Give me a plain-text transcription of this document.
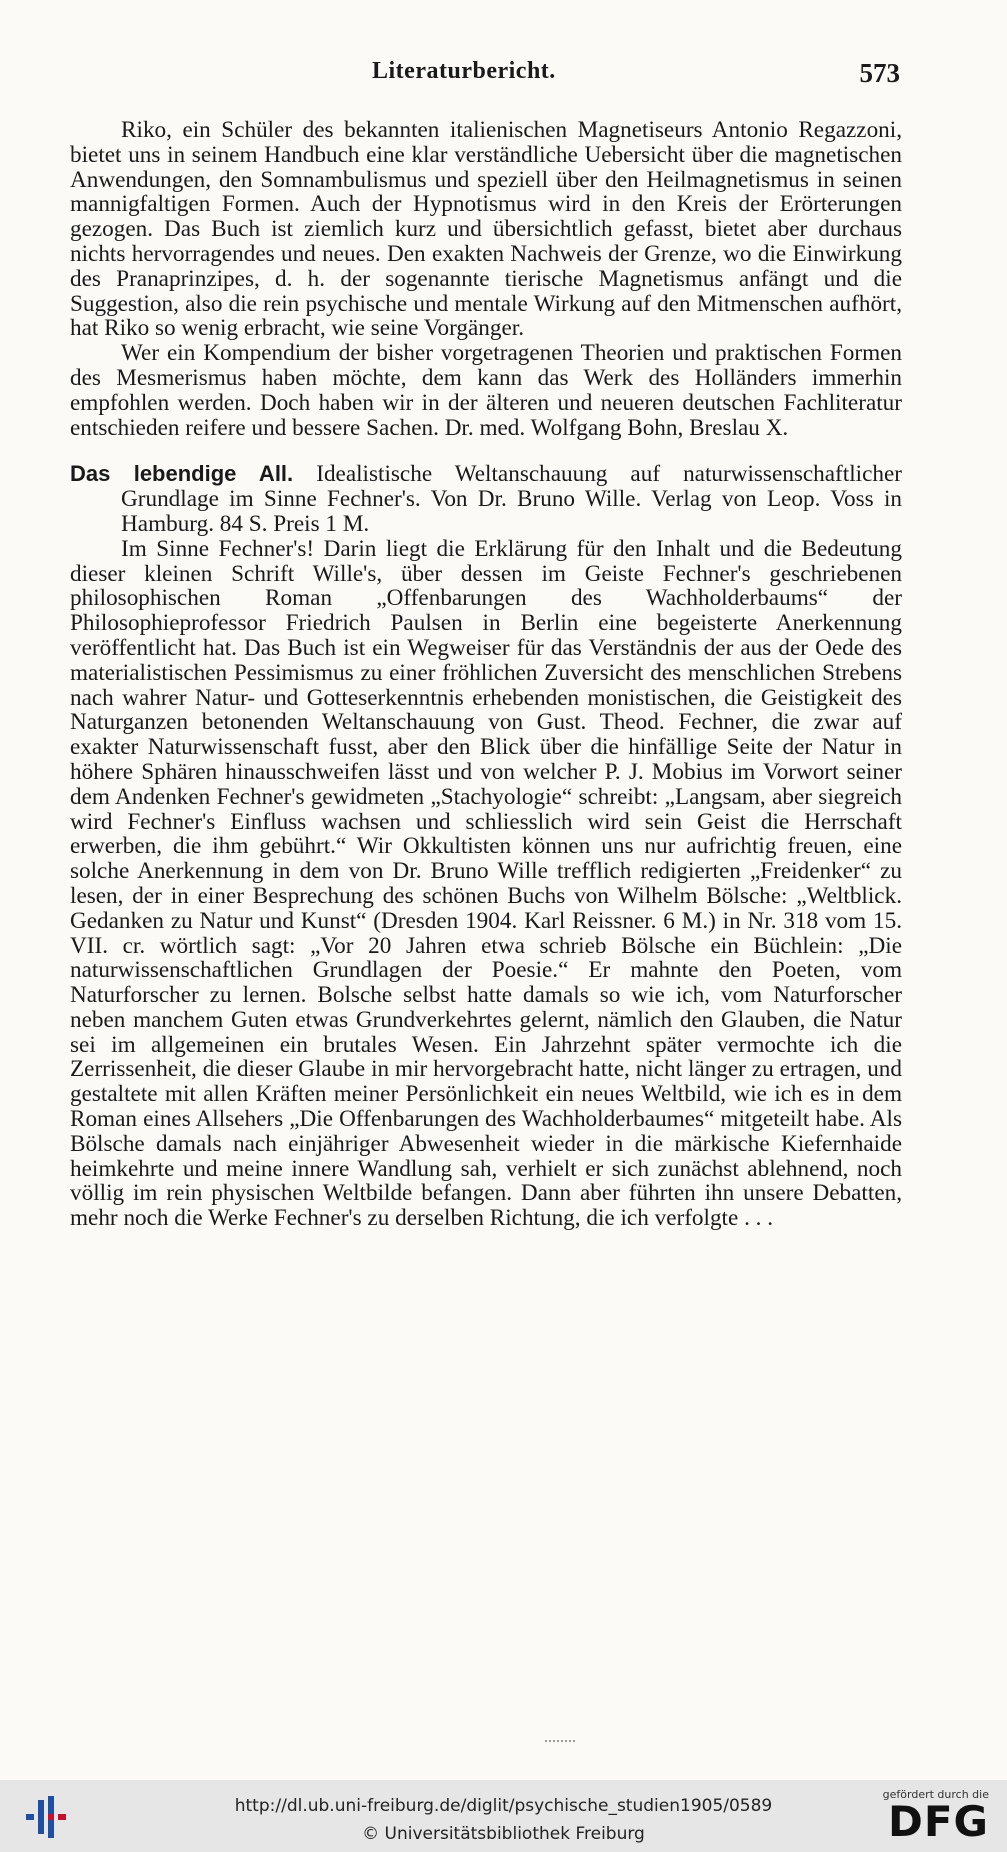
Literaturbericht.	573

Riko, ein Schüler des bekannten italienischen Magnetiseurs Antonio Regazzoni, bietet uns in seinem Handbuch eine klar verständliche Uebersicht über die magnetischen Anwendungen, den Somnambulismus und speziell über den Heilmagnetismus in seinen mannigfaltigen Formen. Auch der Hypnotismus wird in den Kreis der Erörterungen gezogen. Das Buch ist ziemlich kurz und übersichtlich gefasst, bietet aber durchaus nichts hervorragendes und neues. Den exakten Nachweis der Grenze, wo die Einwirkung des Pranaprinzipes, d. h. der sogenannte tierische Magnetismus anfängt und die Suggestion, also die rein psychische und mentale Wirkung auf den Mitmenschen aufhört, hat Riko so wenig erbracht, wie seine Vorgänger.

Wer ein Kompendium der bisher vorgetragenen Theorien und praktischen Formen des Mesmerismus haben möchte, dem kann das Werk des Holländers immerhin empfohlen werden. Doch haben wir in der älteren und neueren deutschen Fachliteratur entschieden reifere und bessere Sachen. Dr. med. Wolfgang Bohn, Breslau X.

Das lebendige All. Idealistische Weltanschauung auf naturwissenschaftlicher Grundlage im Sinne Fechner's. Von Dr. Bruno Wille. Verlag von Leop. Voss in Hamburg. 84 S. Preis 1 M.

Im Sinne Fechner's! Darin liegt die Erklärung für den Inhalt und die Bedeutung dieser kleinen Schrift Wille's, über dessen im Geiste Fechner's geschriebenen philosophischen Roman „Offenbarungen des Wachholderbaums“ der Philosophieprofessor Friedrich Paulsen in Berlin eine begeisterte Anerkennung veröffentlicht hat. Das Buch ist ein Wegweiser für das Verständnis der aus der Oede des materialistischen Pessimismus zu einer fröhlichen Zuversicht des menschlichen Strebens nach wahrer Natur- und Gotteserkenntnis erhebenden monistischen, die Geistigkeit des Naturganzen betonenden Weltanschauung von Gust. Theod. Fechner, die zwar auf exakter Naturwissenschaft fusst, aber den Blick über die hinfällige Seite der Natur in höhere Sphären hinausschweifen lässt und von welcher P. J. Mobius im Vorwort seiner dem Andenken Fechner's gewidmeten „Stachyologie“ schreibt: „Langsam, aber siegreich wird Fechner's Einfluss wachsen und schliesslich wird sein Geist die Herrschaft erwerben, die ihm gebührt.“ Wir Okkultisten können uns nur aufrichtig freuen, eine solche Anerkennung in dem von Dr. Bruno Wille trefflich redigierten „Freidenker“ zu lesen, der in einer Besprechung des schönen Buchs von Wilhelm Bölsche: „Weltblick. Gedanken zu Natur und Kunst“ (Dresden 1904. Karl Reissner. 6 M.) in Nr. 318 vom 15. VII. cr. wörtlich sagt: „Vor 20 Jahren etwa schrieb Bölsche ein Büchlein: „Die naturwissenschaftlichen Grundlagen der Poesie.“ Er mahnte den Poeten, vom Naturforscher zu lernen. Bolsche selbst hatte damals so wie ich, vom Naturforscher neben manchem Guten etwas Grundverkehrtes gelernt, nämlich den Glauben, die Natur sei im allgemeinen ein brutales Wesen. Ein Jahrzehnt später vermochte ich die Zerrissenheit, die dieser Glaube in mir hervorgebracht hatte, nicht länger zu ertragen, und gestaltete mit allen Kräften meiner Persönlichkeit ein neues Weltbild, wie ich es in dem Roman eines Allsehers „Die Offenbarungen des Wachholderbaumes“ mitgeteilt habe. Als Bölsche damals nach einjähriger Abwesenheit wieder in die märkische Kiefernhaide heimkehrte und meine innere Wandlung sah, verhielt er sich zunächst ablehnend, noch völlig im rein physischen Weltbilde befangen. Dann aber führten ihn unsere Debatten, mehr noch die Werke Fechner's zu derselben Richtung, die ich verfolgte . . .

http://dl.ub.uni-freiburg.de/diglit/psychische_studien1905/0589
© Universitätsbibliothek Freiburg
gefördert durch die
DFG
